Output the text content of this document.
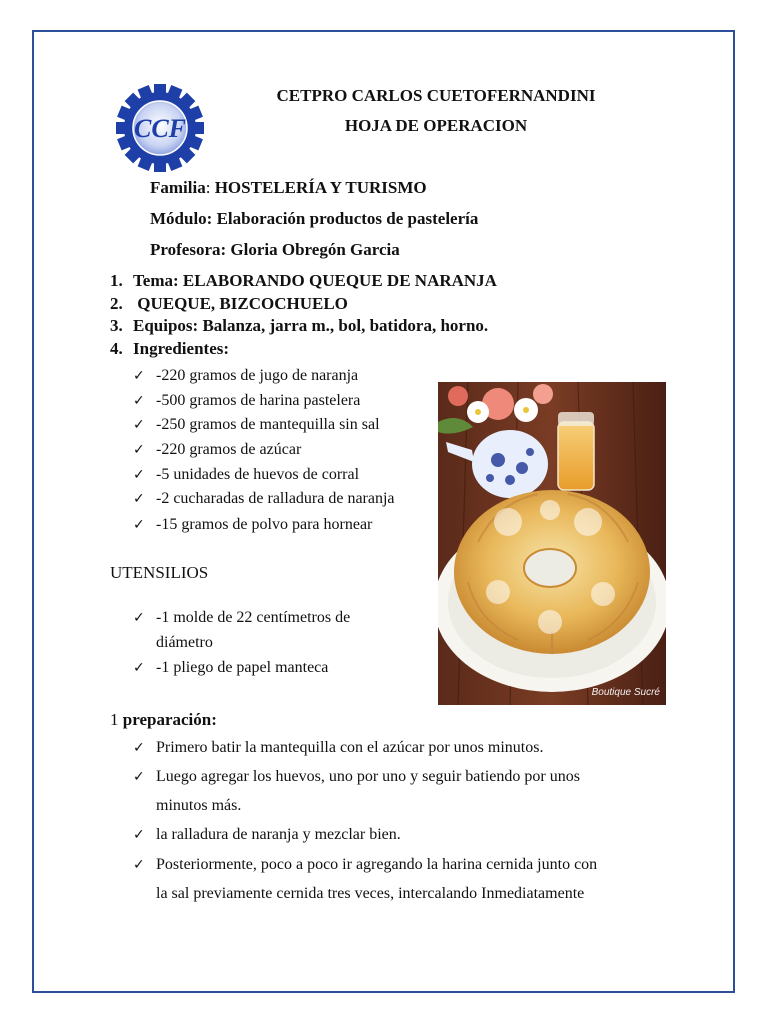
CCF
CETPRO CARLOS CUETOFERNANDINI
HOJA DE OPERACION
Familia: HOSTELERÍA Y TURISMO
Módulo: Elaboración productos de pastelería
Profesora: Gloria Obregón Garcia
1. Tema: ELABORANDO QUEQUE DE NARANJA
2. QUEQUE, BIZCOCHUELO
3. Equipos: Balanza, jarra m., bol, batidora, horno.
4. Ingredientes:
✓ -220 gramos de jugo de naranja
✓ -500 gramos de harina pastelera
✓ -250 gramos de mantequilla sin sal
✓ -220 gramos de azúcar
✓ -5 unidades de huevos de corral
✓ -2 cucharadas de ralladura de naranja
✓ -15 gramos de polvo para hornear
UTENSILIOS
✓ -1 molde de 22 centímetros de
diámetro
✓ -1 pliego de papel manteca
Boutique Sucré
1 preparación:
✓ Primero batir la mantequilla con el azúcar por unos minutos.
✓ Luego agregar los huevos, uno por uno y seguir batiendo por unos
minutos más.
✓ la ralladura de naranja y mezclar bien.
✓ Posteriormente, poco a poco ir agregando la harina cernida junto con
la sal previamente cernida tres veces, intercalando Inmediatamente
